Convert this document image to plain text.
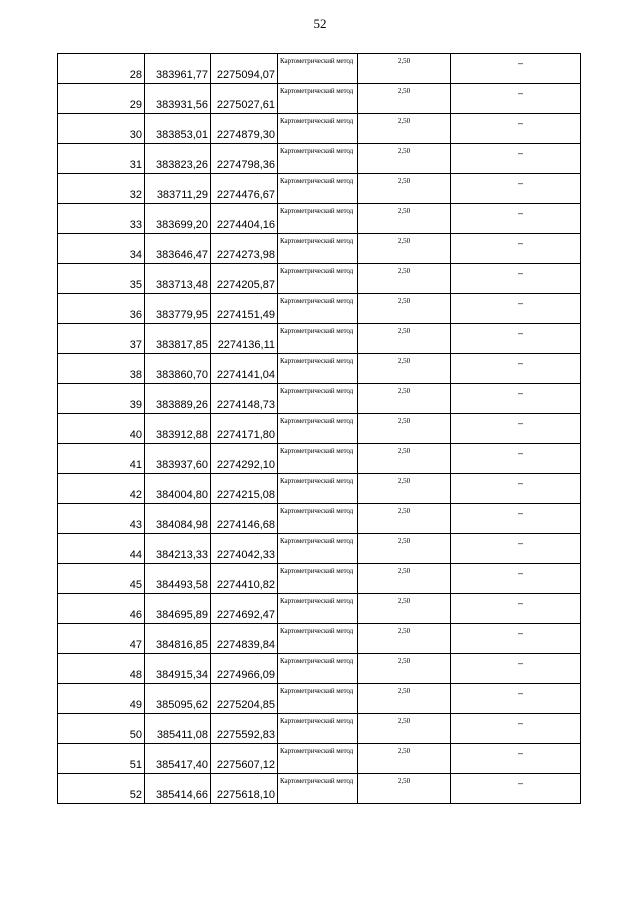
52
28	383961,77	2275094,07	Картометрический метод	2,50	–
29	383931,56	2275027,61	Картометрический метод	2,50	–
30	383853,01	2274879,30	Картометрический метод	2,50	–
31	383823,26	2274798,36	Картометрический метод	2,50	–
32	383711,29	2274476,67	Картометрический метод	2,50	–
33	383699,20	2274404,16	Картометрический метод	2,50	–
34	383646,47	2274273,98	Картометрический метод	2,50	–
35	383713,48	2274205,87	Картометрический метод	2,50	–
36	383779,95	2274151,49	Картометрический метод	2,50	–
37	383817,85	2274136,11	Картометрический метод	2,50	–
38	383860,70	2274141,04	Картометрический метод	2,50	–
39	383889,26	2274148,73	Картометрический метод	2,50	–
40	383912,88	2274171,80	Картометрический метод	2,50	–
41	383937,60	2274292,10	Картометрический метод	2,50	–
42	384004,80	2274215,08	Картометрический метод	2,50	–
43	384084,98	2274146,68	Картометрический метод	2,50	–
44	384213,33	2274042,33	Картометрический метод	2,50	–
45	384493,58	2274410,82	Картометрический метод	2,50	–
46	384695,89	2274692,47	Картометрический метод	2,50	–
47	384816,85	2274839,84	Картометрический метод	2,50	–
48	384915,34	2274966,09	Картометрический метод	2,50	–
49	385095,62	2275204,85	Картометрический метод	2,50	–
50	385411,08	2275592,83	Картометрический метод	2,50	–
51	385417,40	2275607,12	Картометрический метод	2,50	–
52	385414,66	2275618,10	Картометрический метод	2,50	–
